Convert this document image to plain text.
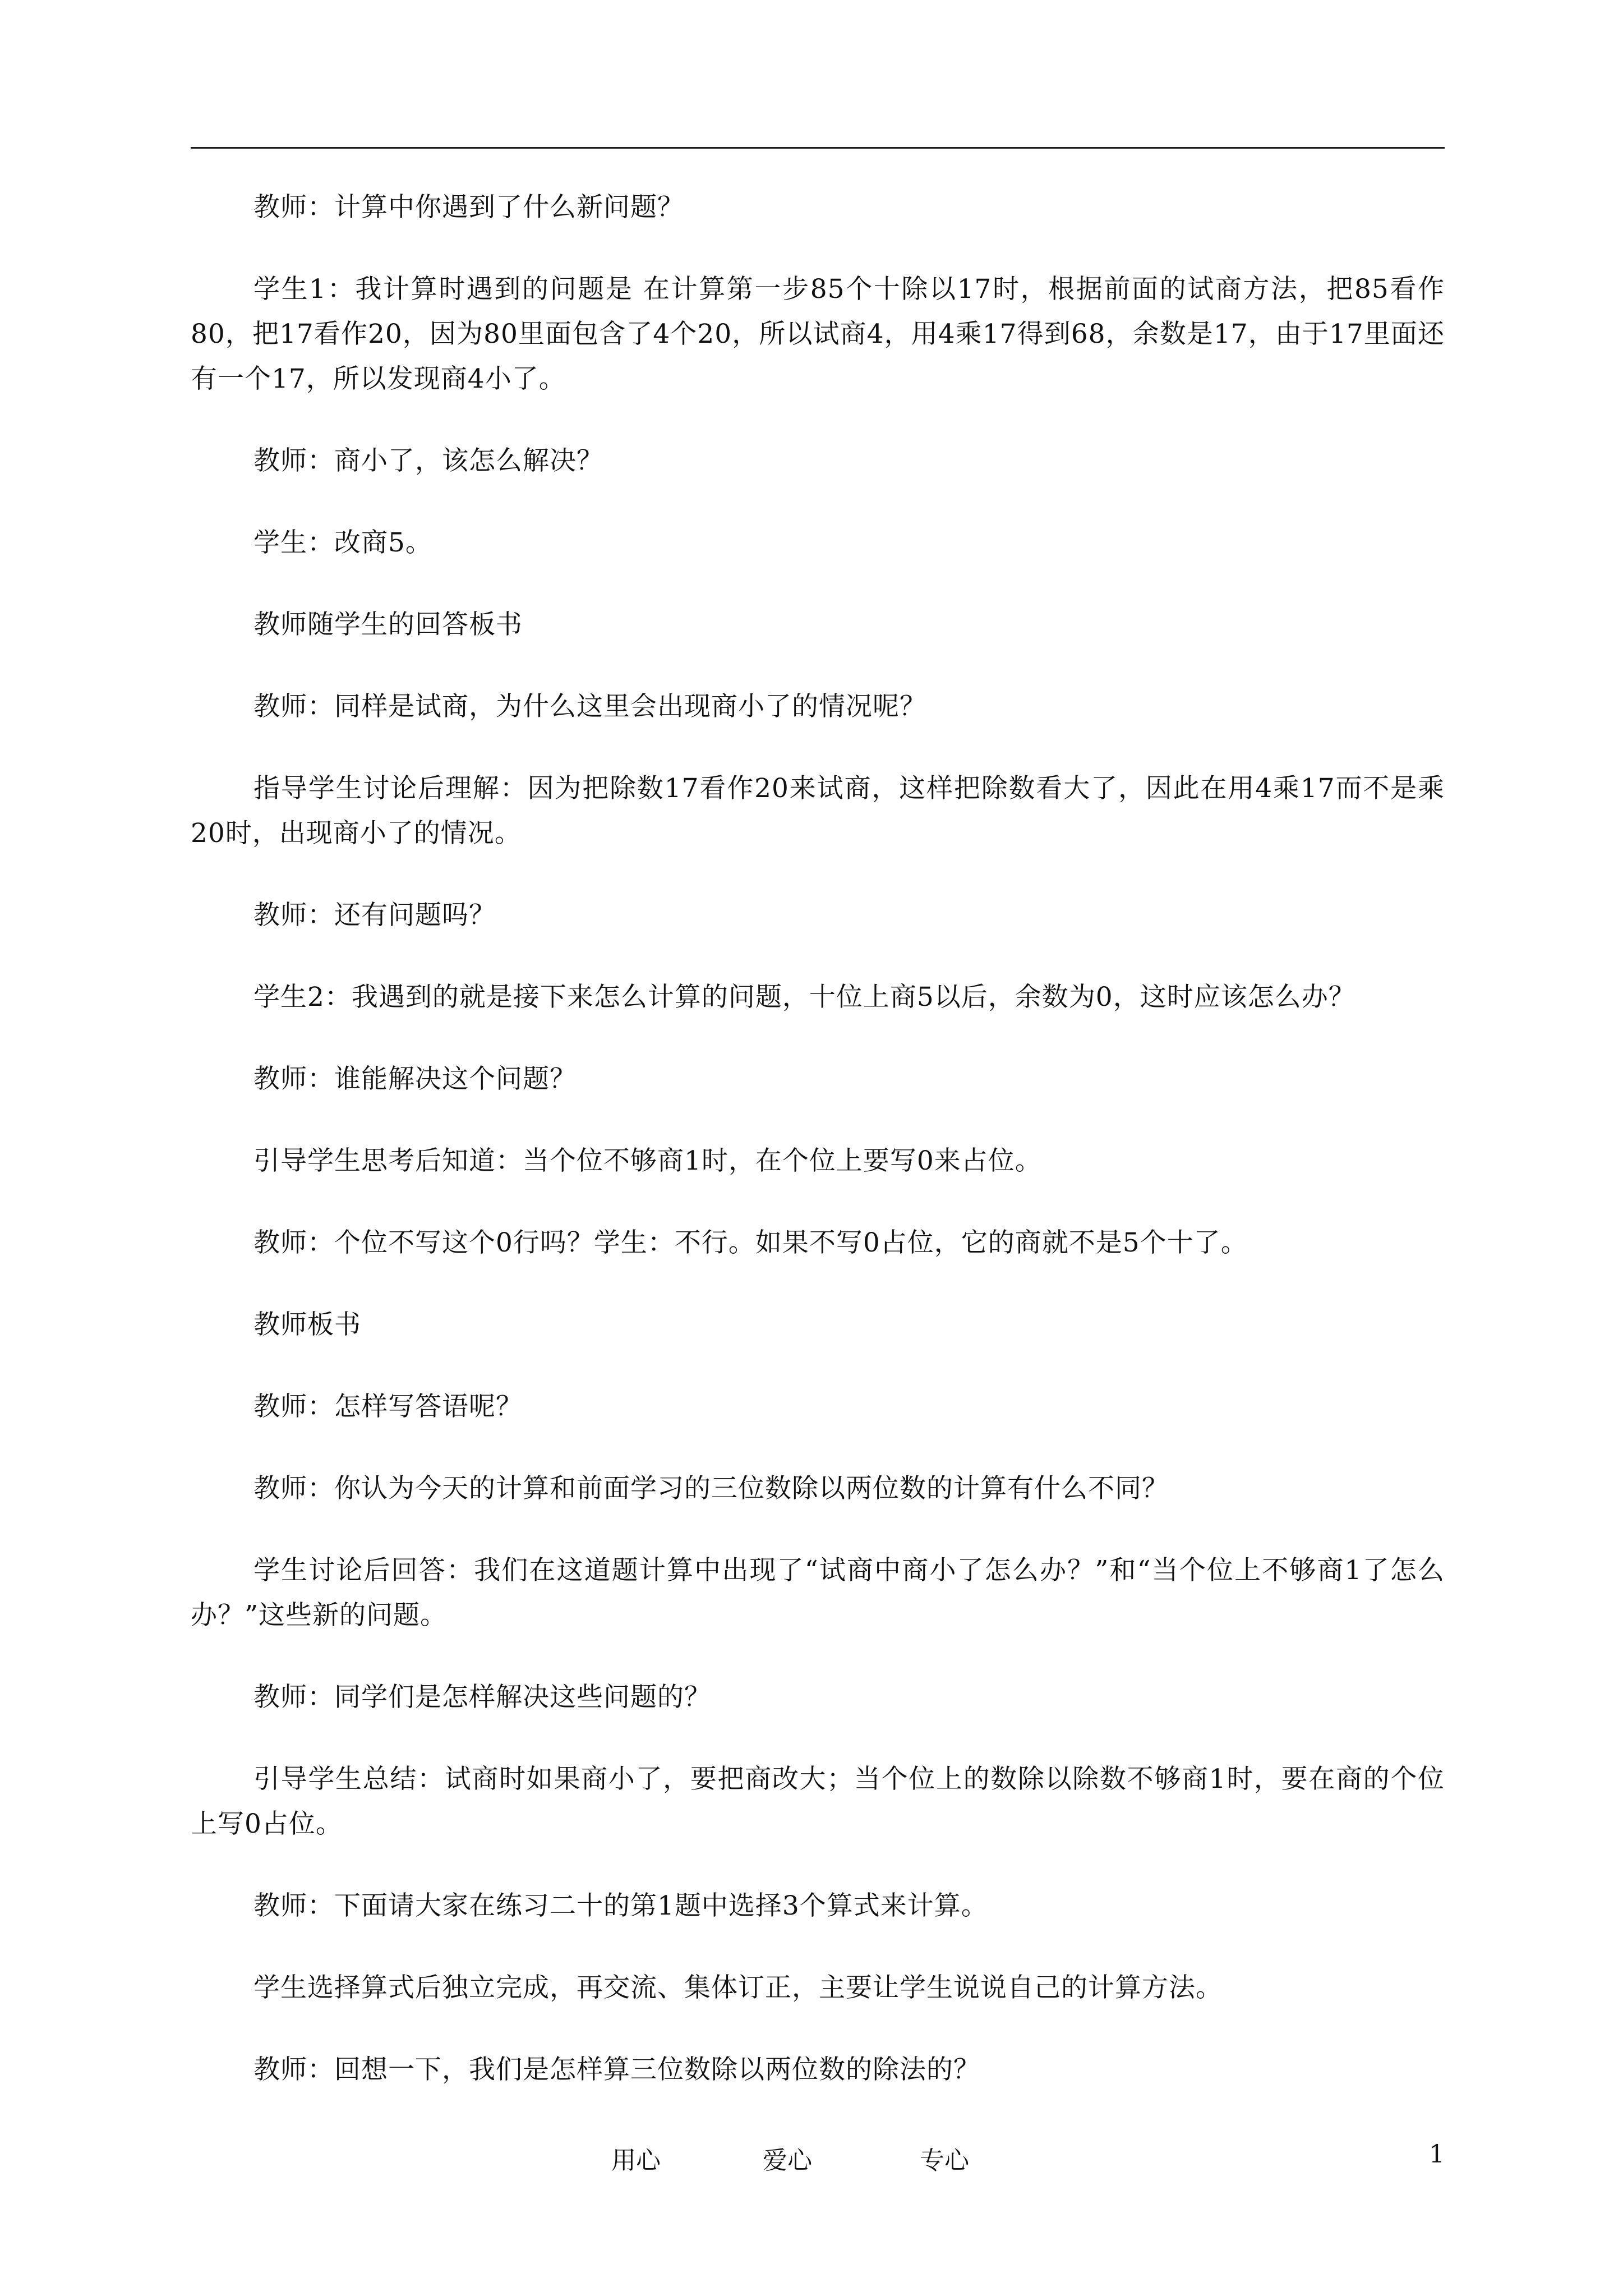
教师：计算中你遇到了什么新问题？

学生1：我计算时遇到的问题是 在计算第一步85个十除以17时，根据前面的试商方法，把85看作80，把17看作20，因为80里面包含了4个20，所以试商4，用4乘17得到68，余数是17，由于17里面还有一个17，所以发现商4小了。

教师：商小了，该怎么解决？

学生：改商5。

教师随学生的回答板书

教师：同样是试商，为什么这里会出现商小了的情况呢？

指导学生讨论后理解：因为把除数17看作20来试商，这样把除数看大了，因此在用4乘17而不是乘20时，出现商小了的情况。

教师：还有问题吗？

学生2：我遇到的就是接下来怎么计算的问题，十位上商5以后，余数为0，这时应该怎么办？

教师：谁能解决这个问题？

引导学生思考后知道：当个位不够商1时，在个位上要写0来占位。

教师：个位不写这个0行吗？学生：不行。如果不写0占位，它的商就不是5个十了。

教师板书

教师：怎样写答语呢？

教师：你认为今天的计算和前面学习的三位数除以两位数的计算有什么不同？

学生讨论后回答：我们在这道题计算中出现了“试商中商小了怎么办？”和“当个位上不够商1了怎么办？”这些新的问题。

教师：同学们是怎样解决这些问题的？

引导学生总结：试商时如果商小了，要把商改大；当个位上的数除以除数不够商1时，要在商的个位上写0占位。

教师：下面请大家在练习二十的第1题中选择3个算式来计算。

学生选择算式后独立完成，再交流、集体订正，主要让学生说说自己的计算方法。

教师：回想一下，我们是怎样算三位数除以两位数的除法的？

用心	爱心	专心	1
